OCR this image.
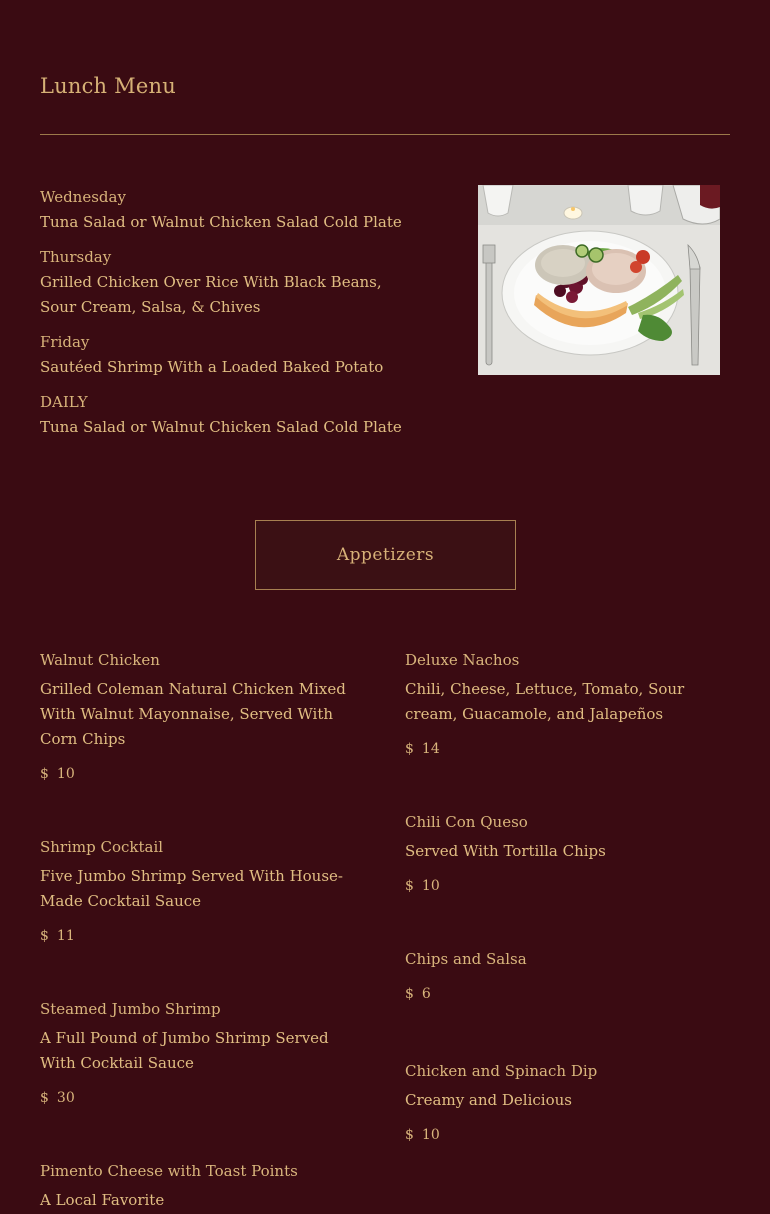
Lunch Menu
Wednesday
Tuna Salad or Walnut Chicken Salad Cold Plate
Thursday
Grilled Chicken Over Rice With Black Beans, Sour Cream, Salsa, & Chives
Friday
Sautéed Shrimp With a Loaded Baked Potato
DAILY
Tuna Salad or Walnut Chicken Salad Cold Plate
Appetizers
Walnut Chicken
Grilled Coleman Natural Chicken Mixed With Walnut Mayonnaise, Served With Corn Chips
$ 10
Shrimp Cocktail
Five Jumbo Shrimp Served With House-Made Cocktail Sauce
$ 11
Steamed Jumbo Shrimp
A Full Pound of Jumbo Shrimp Served With Cocktail Sauce
$ 30
Pimento Cheese with Toast Points
A Local Favorite
Deluxe Nachos
Chili, Cheese, Lettuce, Tomato, Sour cream, Guacamole, and Jalapeños
$ 14
Chili Con Queso
Served With Tortilla Chips
$ 10
Chips and Salsa
$ 6
Chicken and Spinach Dip
Creamy and Delicious
$ 10
